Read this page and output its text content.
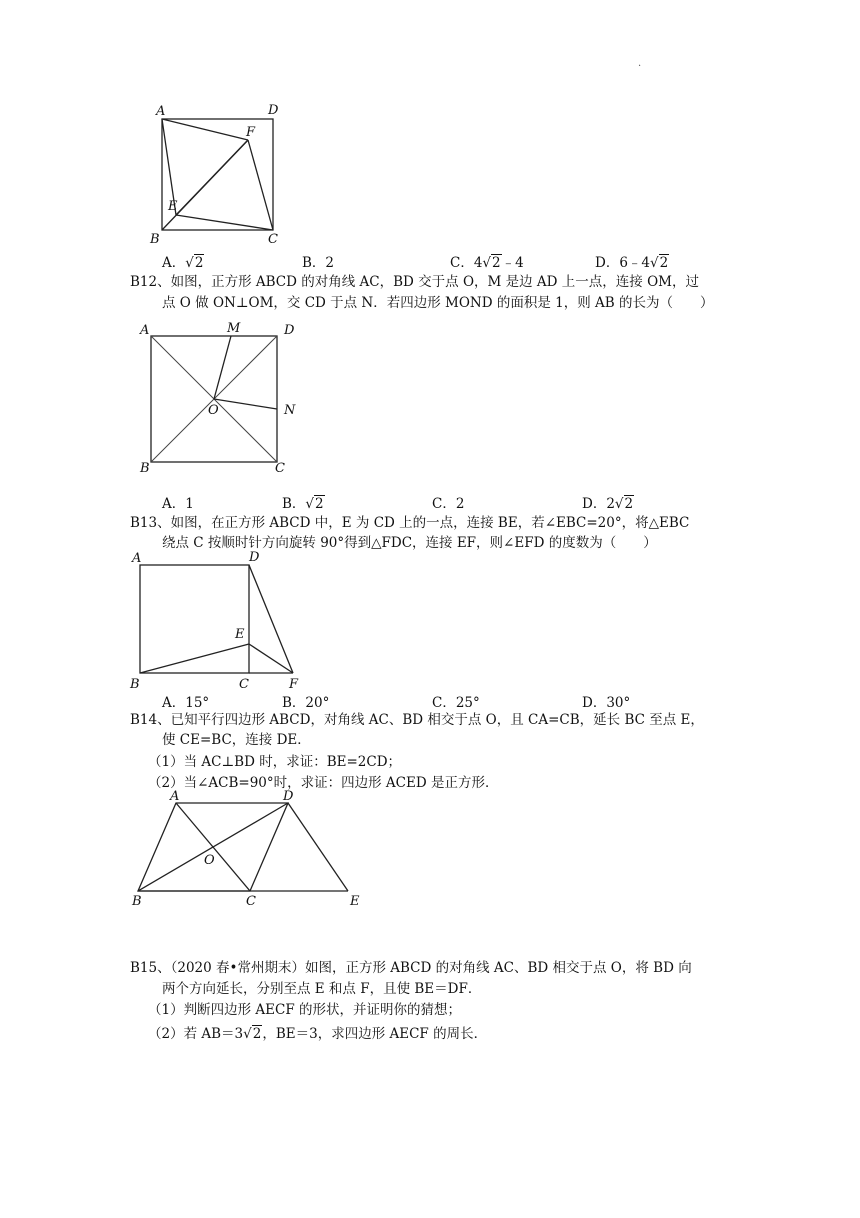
.
A	D
F
E
B	C
A．√2	B．2	C．4√2﹣4	D．6﹣4√2
B12、如图，正方形 ABCD 的对角线 AC，BD 交于点 O，M 是边 AD 上一点，连接 OM，过
点 O 做 ON⊥OM，交 CD 于点 N．若四边形 MOND 的面积是 1，则 AB 的长为（　　）
A	M	D
N
O
B	C
A．1	B．√2	C．2	D．2√2
B13、如图，在正方形 ABCD 中，E 为 CD 上的一点，连接 BE，若∠EBC=20°，将△EBC
绕点 C 按顺时针方向旋转 90°得到△FDC，连接 EF，则∠EFD 的度数为（　　）
A	D
E
B	C	F
A．15°	B．20°	C．25°	D．30°
B14、已知平行四边形 ABCD，对角线 AC、BD 相交于点 O，且 CA=CB，延长 BC 至点 E，
使 CE=BC，连接 DE．
（1）当 AC⊥BD 时，求证：BE=2CD；
（2）当∠ACB=90°时，求证：四边形 ACED 是正方形．
A	D
O
B	C	E
B15、（2020 春•常州期末）如图，正方形 ABCD 的对角线 AC、BD 相交于点 O，将 BD 向
两个方向延长，分别至点 E 和点 F，且使 BE＝DF．
（1）判断四边形 AECF 的形状，并证明你的猜想；
（2）若 AB＝3√2，BE＝3，求四边形 AECF 的周长．
